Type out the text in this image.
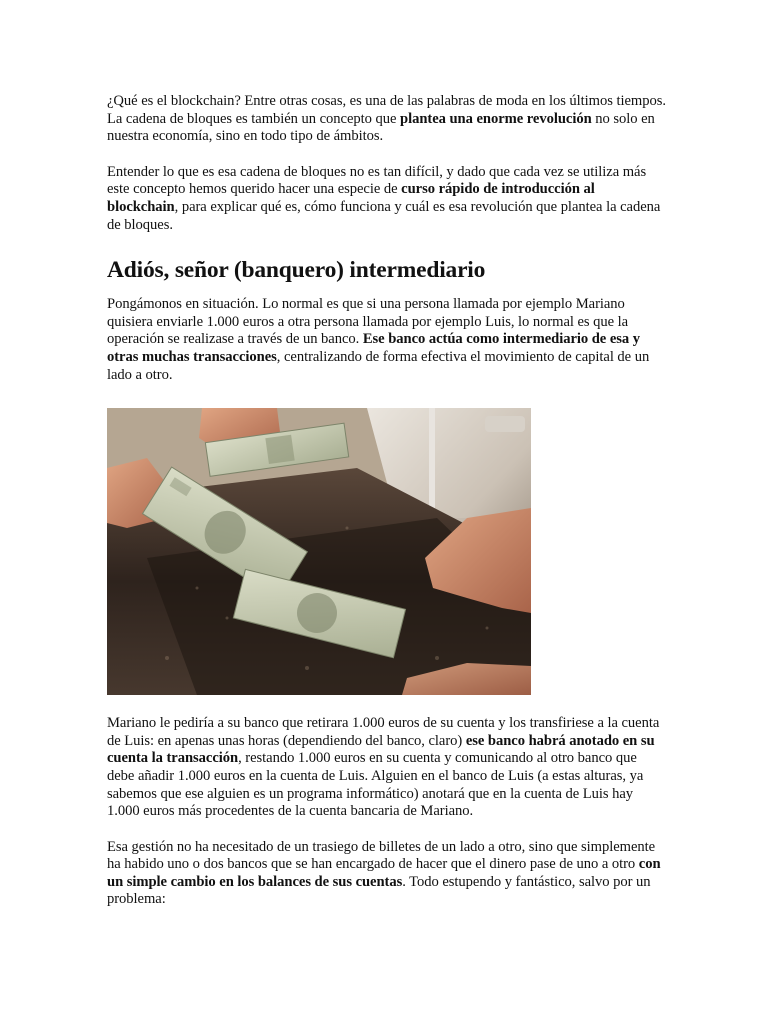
¿Qué es el blockchain? Entre otras cosas, es una de las palabras de moda en los últimos tiempos. La cadena de bloques es también un concepto que plantea una enorme revolución no solo en nuestra economía, sino en todo tipo de ámbitos.

Entender lo que es esa cadena de bloques no es tan difícil, y dado que cada vez se utiliza más este concepto hemos querido hacer una especie de curso rápido de introducción al blockchain, para explicar qué es, cómo funciona y cuál es esa revolución que plantea la cadena de bloques.

Adiós, señor (banquero) intermediario

Pongámonos en situación. Lo normal es que si una persona llamada por ejemplo Mariano quisiera enviarle 1.000 euros a otra persona llamada por ejemplo Luis, lo normal es que la operación se realizase a través de un banco. Ese banco actúa como intermediario de esa y otras muchas transacciones, centralizando de forma efectiva el movimiento de capital de un lado a otro.

Mariano le pediría a su banco que retirara 1.000 euros de su cuenta y los transfiriese a la cuenta de Luis: en apenas unas horas (dependiendo del banco, claro) ese banco habrá anotado en su cuenta la transacción, restando 1.000 euros en su cuenta y comunicando al otro banco que debe añadir 1.000 euros en la cuenta de Luis. Alguien en el banco de Luis (a estas alturas, ya sabemos que ese alguien es un programa informático) anotará que en la cuenta de Luis hay 1.000 euros más procedentes de la cuenta bancaria de Mariano.

Esa gestión no ha necesitado de un trasiego de billetes de un lado a otro, sino que simplemente ha habido uno o dos bancos que se han encargado de hacer que el dinero pase de uno a otro con un simple cambio en los balances de sus cuentas. Todo estupendo y fantástico, salvo por un problema:
